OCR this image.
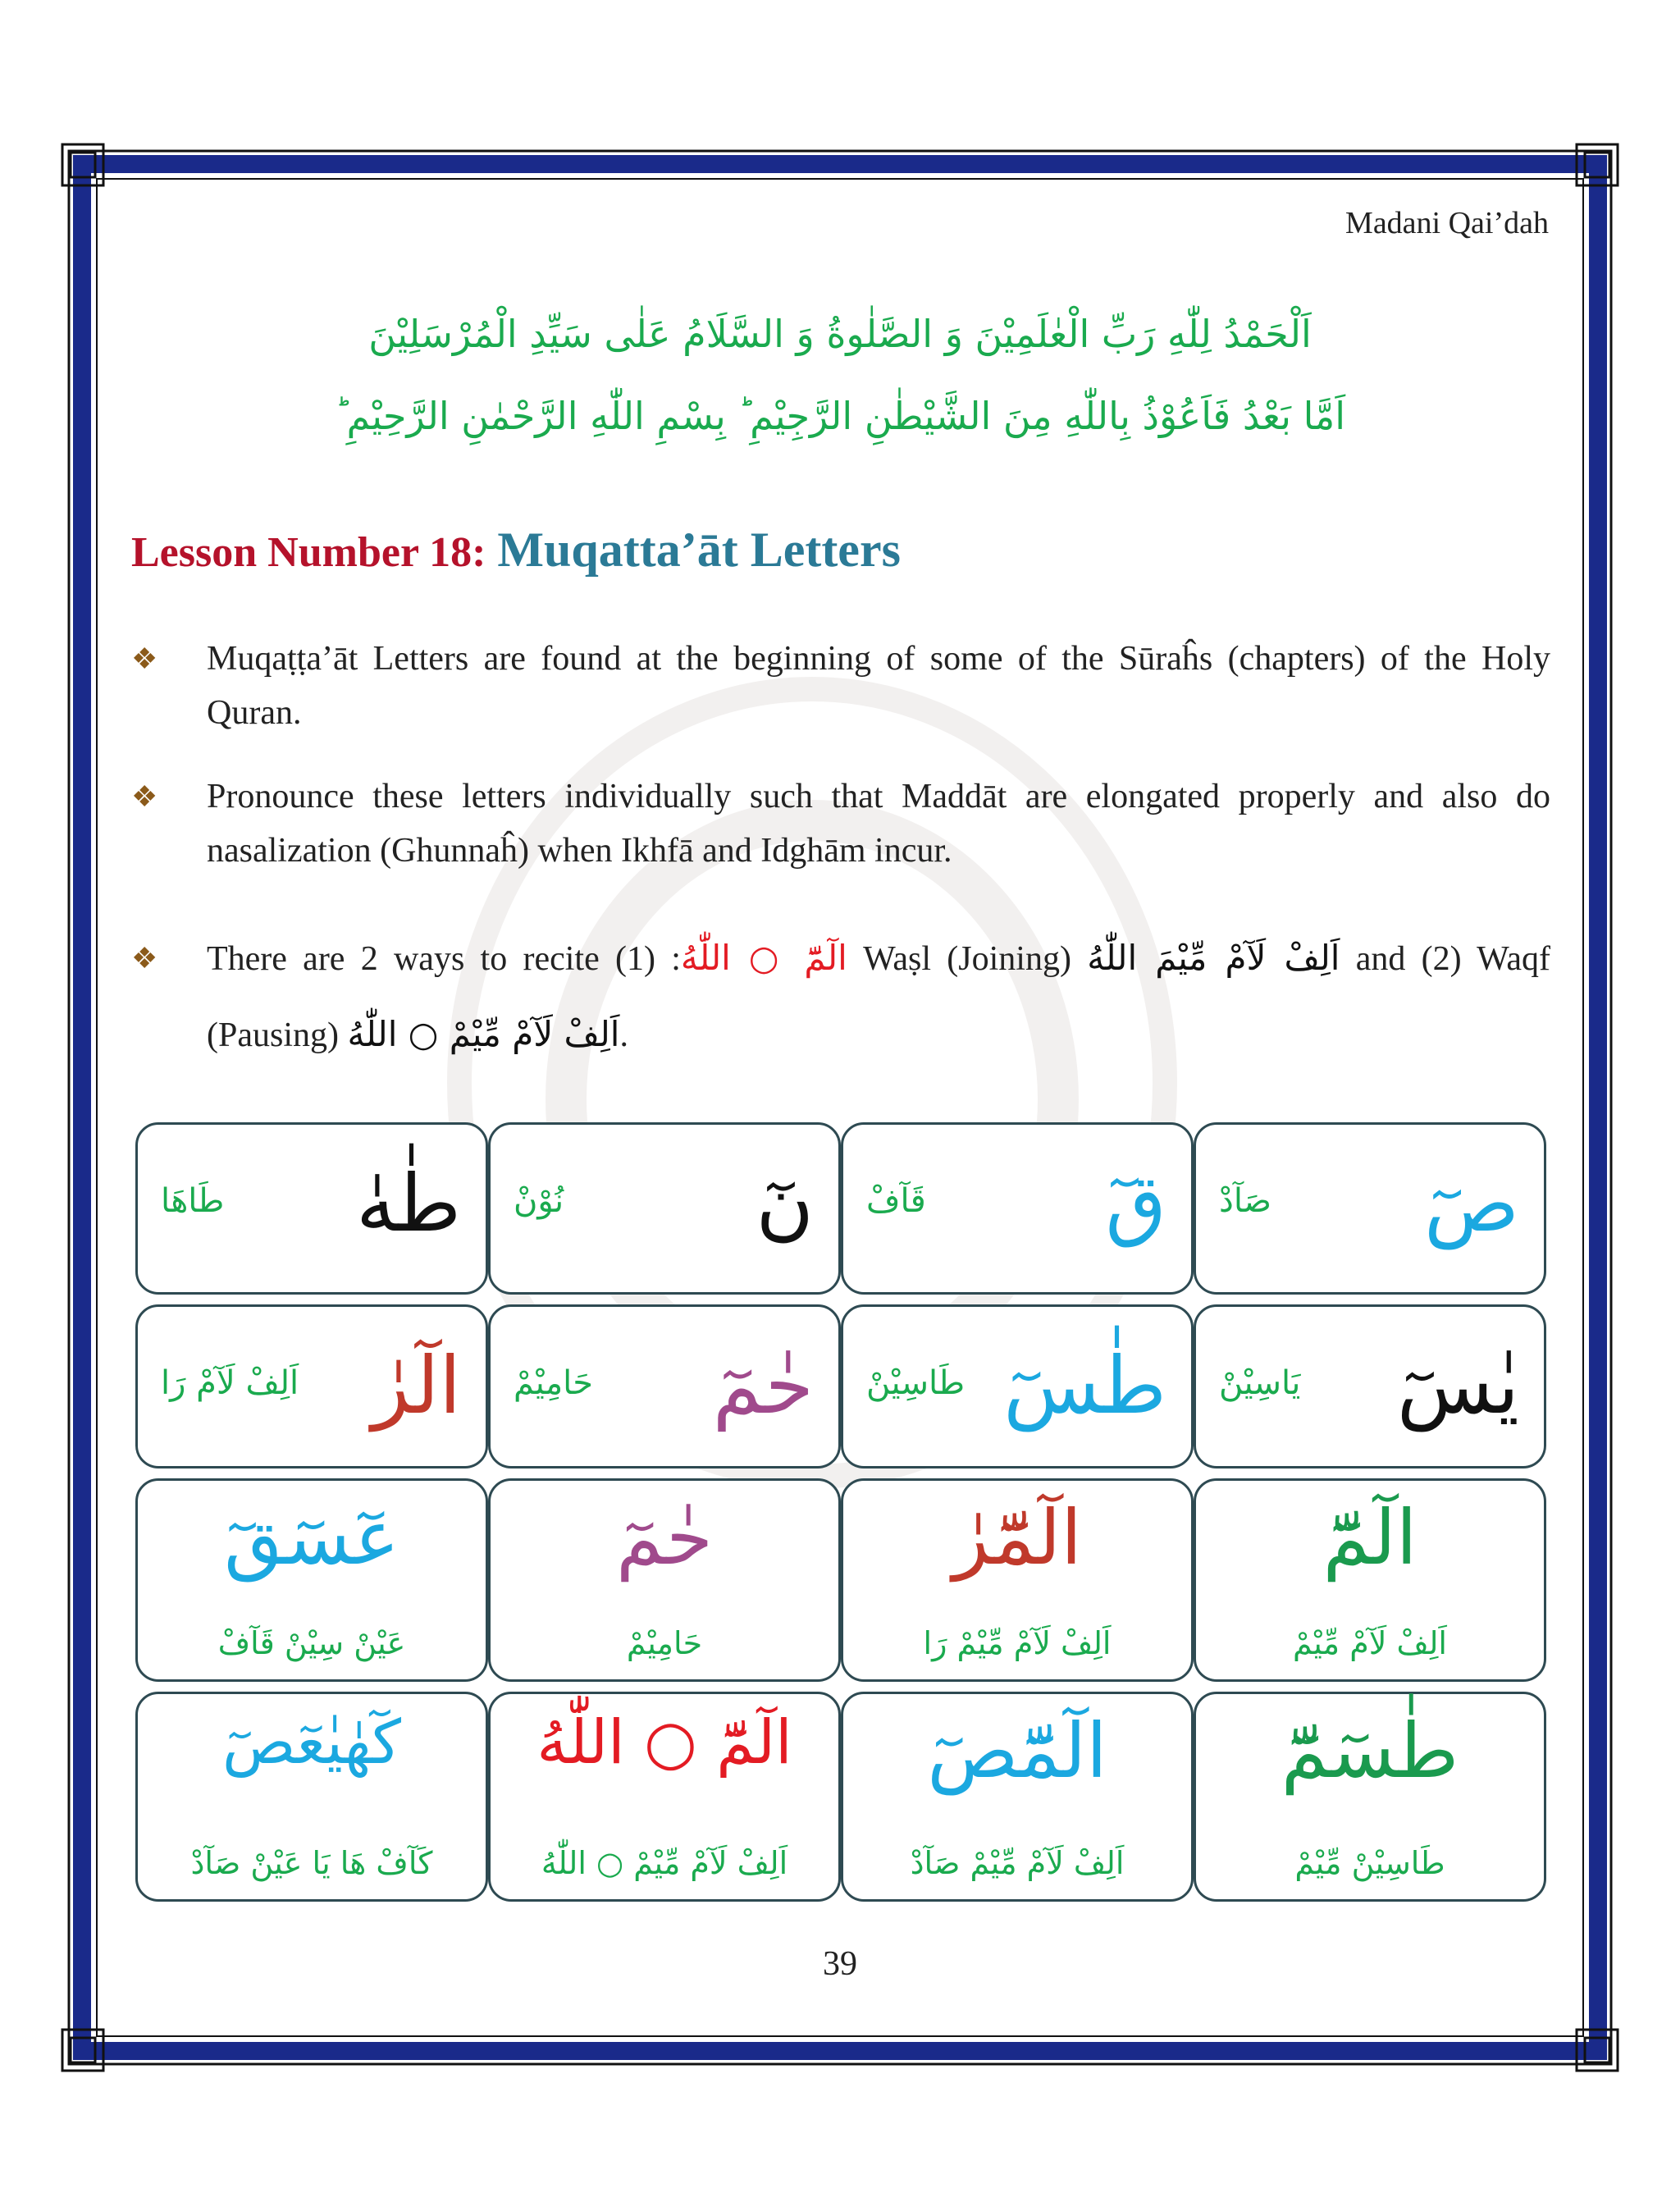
Madani Qai’dah
اَلْحَمْدُ لِلّٰهِ رَبِّ الْعٰلَمِيْنَ وَ الصَّلٰوةُ وَ السَّلَامُ عَلٰى سَيِّدِ الْمُرْسَلِيْنَ
اَمَّا بَعْدُ فَاَعُوْذُ بِاللّٰهِ مِنَ الشَّيْطٰنِ الرَّجِيْمِ ؕ بِسْمِ اللّٰهِ الرَّحْمٰنِ الرَّحِيْمِ ؕ
Lesson Number 18: Muqatta’āt Letters
❖ Muqaṭṭa’āt Letters are found at the beginning of some of the Sūraĥs (chapters) of the Holy Quran.
❖ Pronounce these letters individually such that Maddāt are elongated properly and also do nasalization (Ghunnaĥ) when Ikhfā and Idghām incur.
❖ There are 2 ways to recite الٓمّٓ ○ اللّٰهُ: (1) Waṣl (Joining) اَلِفْ لَآمْ مِّيْمَ اللّٰهُ and (2) Waqf (Pausing) اَلِفْ لَآمْ مِّيْمْ ○ اللّٰهُ.
صٓ
صَآدْ
قٓ
قَآفْ
نٓ
نُوْنْ
طٰهٰ
طَاهَا
يٰسٓ
يَاسِيْنْ
طٰسٓ
طَاسِيْنْ
حٰمٓ
حَامِيْمْ
الٓرٰ
اَلِفْ لَآمْ رَا
الٓمّٓ
اَلِفْ لَآمْ مِّيْمْ
الٓمّٓرٰ
اَلِفْ لَآمْ مِّيْمْ رَا
حٰمٓ
حَامِيْمْ
عٓسٓقٓ
عَيْنْ سِيْنْ قَآفْ
طٰسٓمّٓ
طَاسِيْنْ مِّيْمْ
الٓمّٓصٓ
اَلِفْ لَآمْ مِّيْمْ صَآدْ
الٓمّٓ ○ اللّٰهُ
اَلِفْ لَآمْ مِّيْمْ ○ اللّٰهُ
كٓهٰيٰعٓصٓ
كَآفْ هَا يَا عَيْنْ صَآدْ
39
